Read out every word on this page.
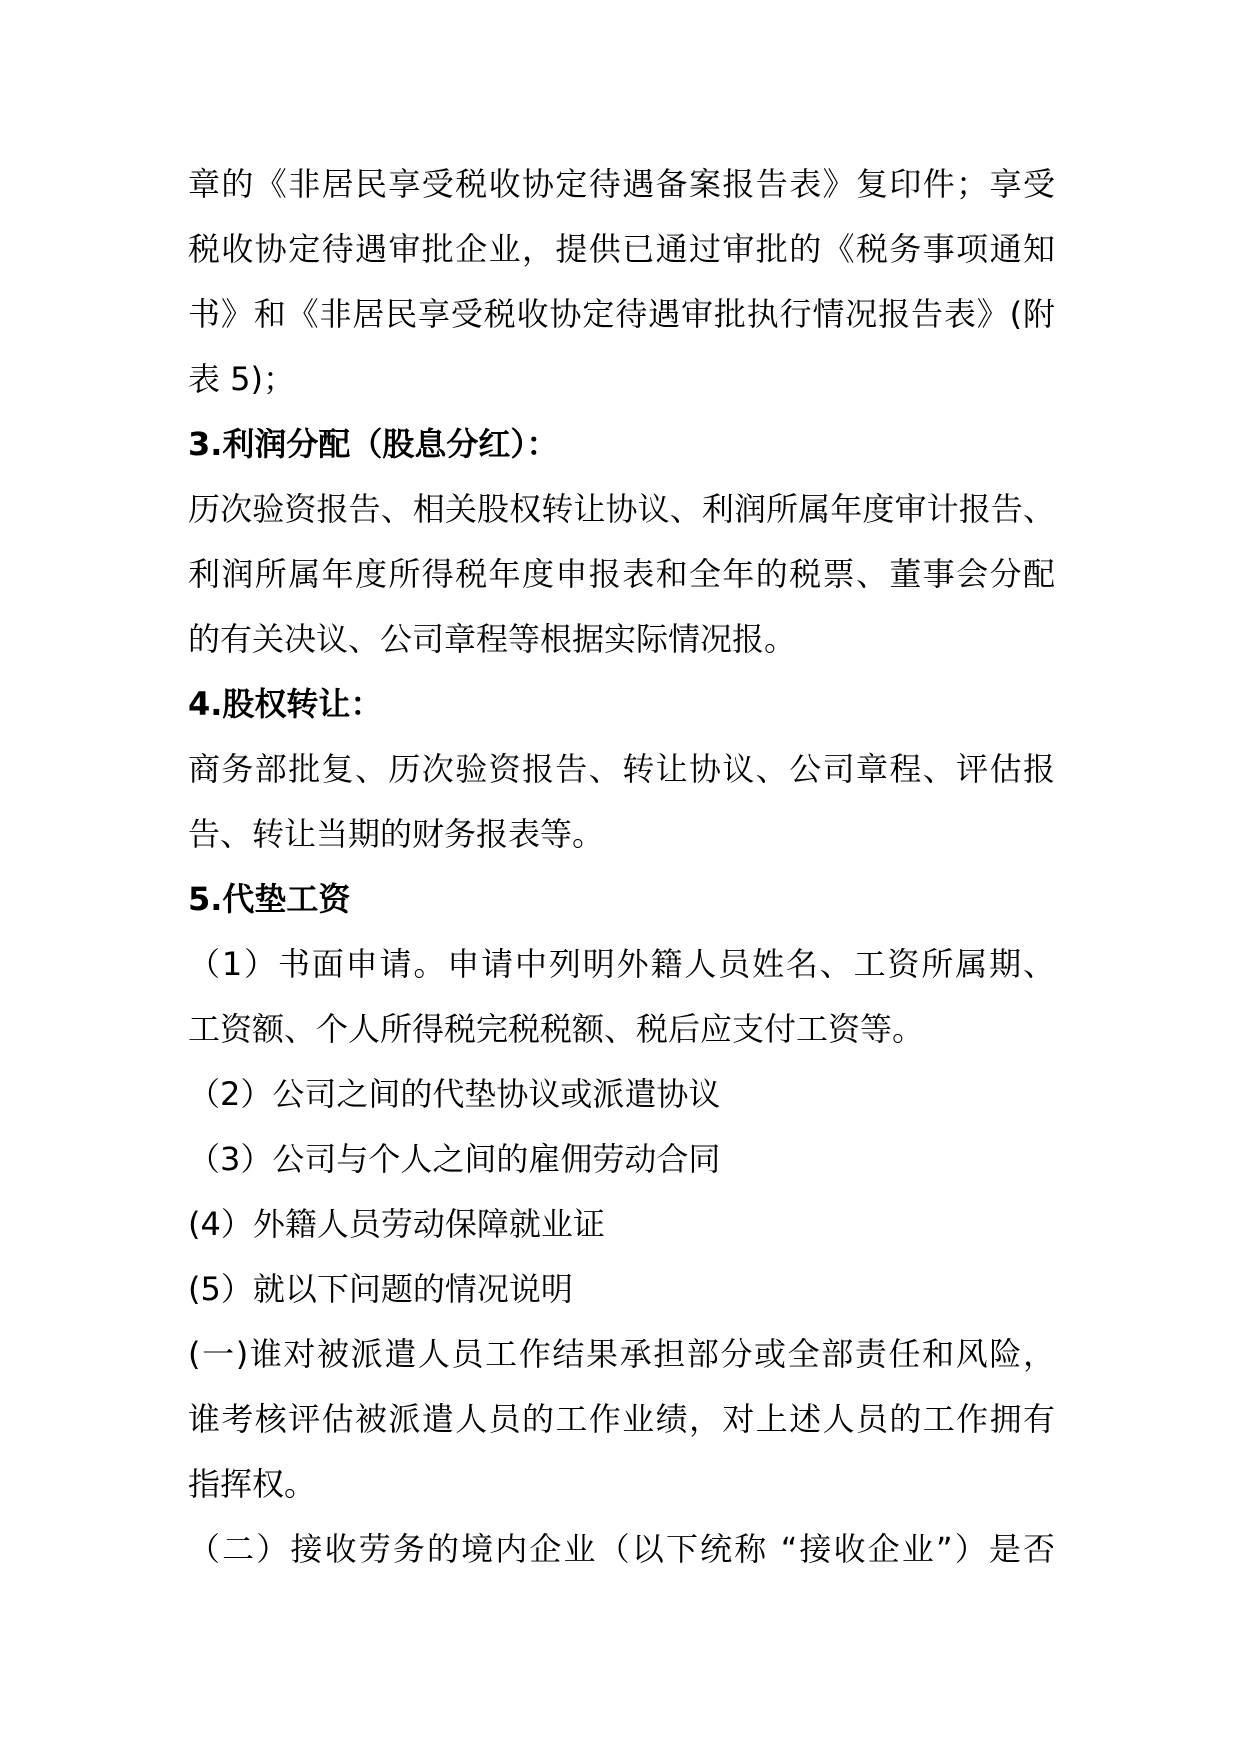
章的《非居民享受税收协定待遇备案报告表》复印件；享受
税收协定待遇审批企业，提供已通过审批的《税务事项通知
书》和《非居民享受税收协定待遇审批执行情况报告表》(附
表 5)；
3.利润分配（股息分红）：
历次验资报告、相关股权转让协议、利润所属年度审计报告、
利润所属年度所得税年度申报表和全年的税票、董事会分配
的有关决议、公司章程等根据实际情况报。
4.股权转让：
商务部批复、历次验资报告、转让协议、公司章程、评估报
告、转让当期的财务报表等。
5.代垫工资
（1）书面申请。申请中列明外籍人员姓名、工资所属期、
工资额、个人所得税完税税额、税后应支付工资等。
（2）公司之间的代垫协议或派遣协议
（3）公司与个人之间的雇佣劳动合同
(4）外籍人员劳动保障就业证
(5）就以下问题的情况说明
(一)谁对被派遣人员工作结果承担部分或全部责任和风险，
谁考核评估被派遣人员的工作业绩，对上述人员的工作拥有
指挥权。
（二）接收劳务的境内企业（以下统称 “接收企业”）是否
